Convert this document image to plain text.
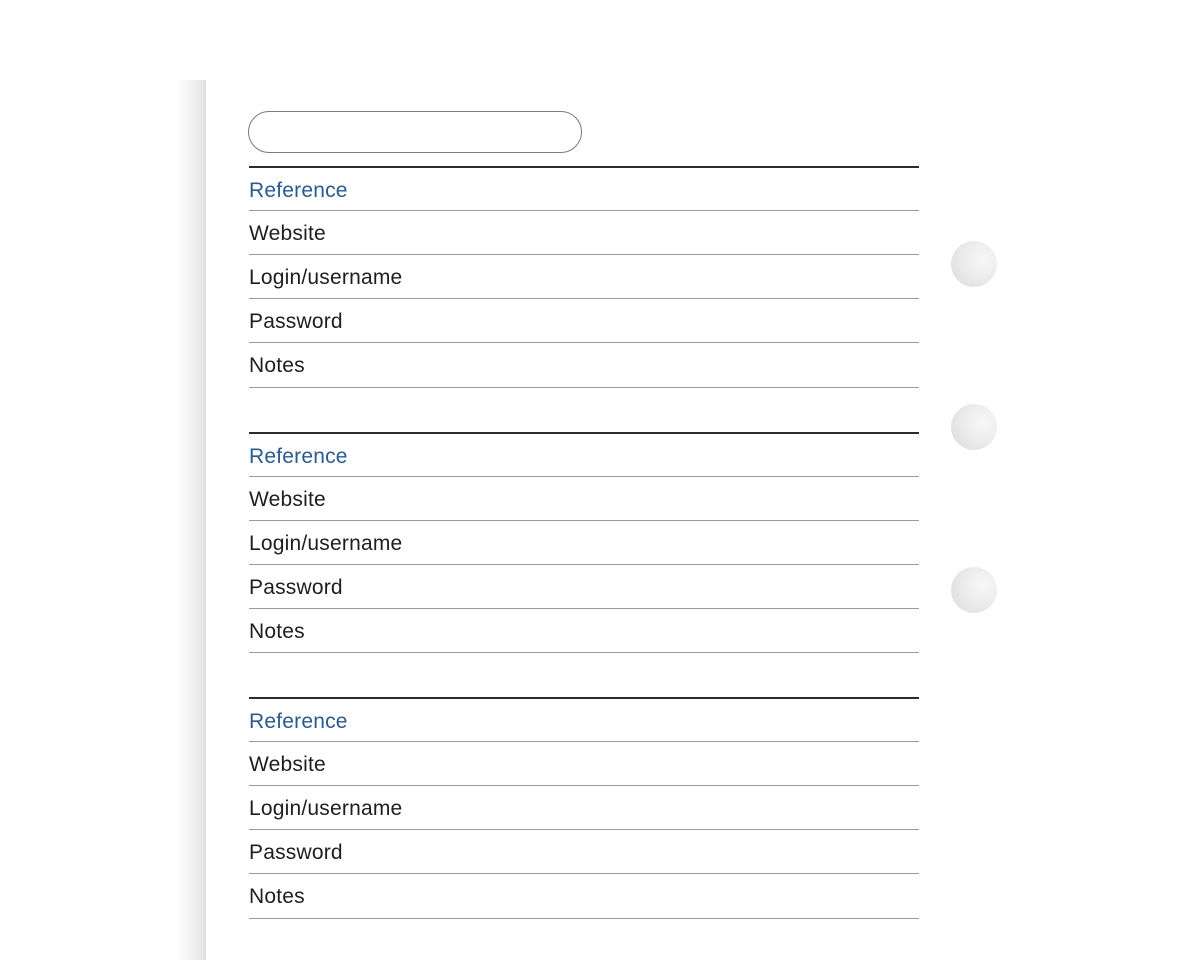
Reference
Website
Login/username
Password
Notes
Reference
Website
Login/username
Password
Notes
Reference
Website
Login/username
Password
Notes
